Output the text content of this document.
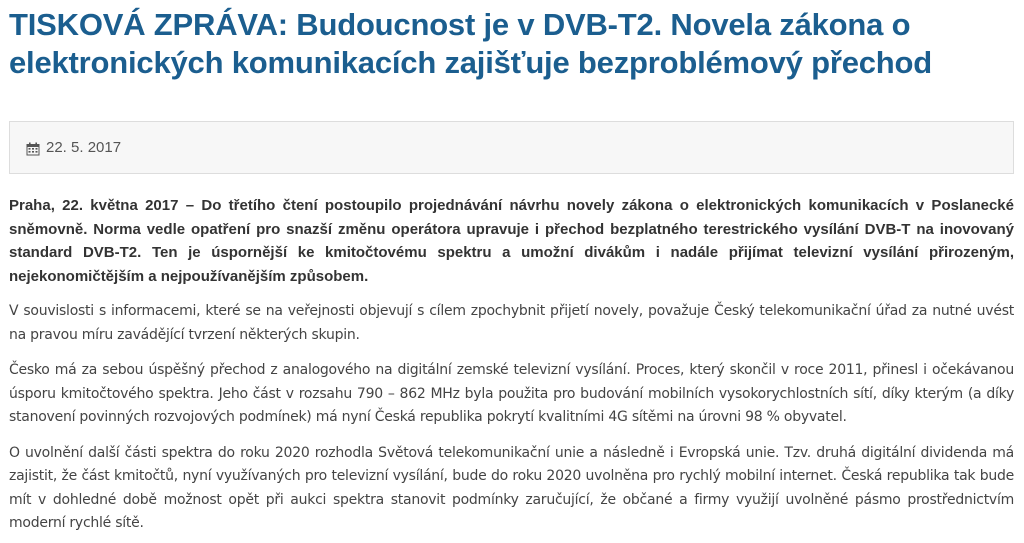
TISKOVÁ ZPRÁVA: Budoucnost je v DVB-T2. Novela zákona o elektronických komunikacích zajišťuje bezproblémový přechod
22. 5. 2017

Praha, 22. května 2017 – Do třetího čtení postoupilo projednávání návrhu novely zákona o elektronických komunikacích v Poslanecké sněmovně. Norma vedle opatření pro snazší změnu operátora upravuje i přechod bezplatného terestrického vysílání DVB-T na inovovaný standard DVB-T2. Ten je úspornější ke kmitočtovému spektru a umožní divákům i nadále přijímat televizní vysílání přirozeným, nejekonomičtějším a nejpoužívanějším způsobem.

V souvislosti s informacemi, které se na veřejnosti objevují s cílem zpochybnit přijetí novely, považuje Český telekomunikační úřad za nutné uvést na pravou míru zavádějící tvrzení některých skupin.

Česko má za sebou úspěšný přechod z analogového na digitální zemské televizní vysílání. Proces, který skončil v roce 2011, přinesl i očekávanou úsporu kmitočtového spektra. Jeho část v rozsahu 790 – 862 MHz byla použita pro budování mobilních vysokorychlostních sítí, díky kterým (a díky stanovení povinných rozvojových podmínek) má nyní Česká republika pokrytí kvalitními 4G sítěmi na úrovni 98 % obyvatel.

O uvolnění další části spektra do roku 2020 rozhodla Světová telekomunikační unie a následně i Evropská unie. Tzv. druhá digitální dividenda má zajistit, že část kmitočtů, nyní využívaných pro televizní vysílání, bude do roku 2020 uvolněna pro rychlý mobilní internet. Česká republika tak bude mít v dohledné době možnost opět při aukci spektra stanovit podmínky zaručující, že občané a firmy využijí uvolněné pásmo prostřednictvím moderní rychlé sítě.
